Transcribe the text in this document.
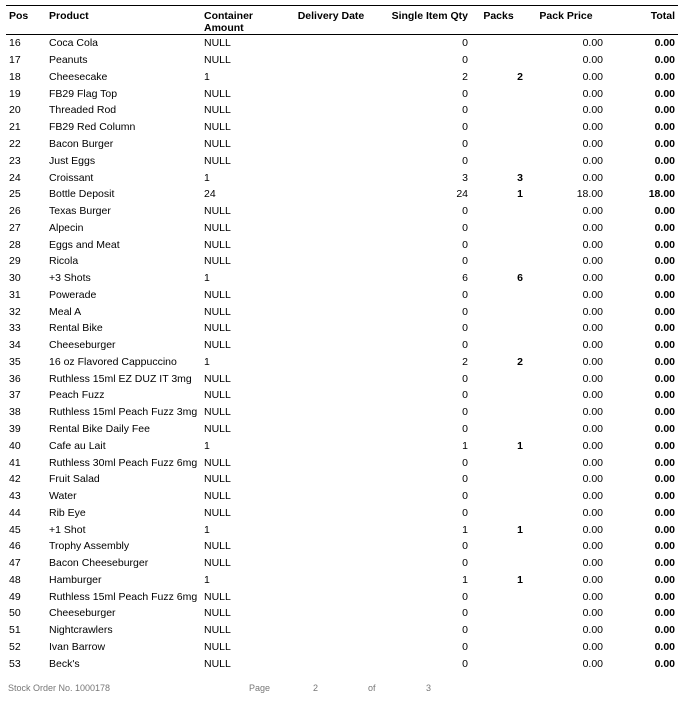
Pos	Product	Container Amount	Delivery Date	Single Item Qty	Packs	Pack Price	Total
16	Coca Cola	NULL		0		0.00	0.00
17	Peanuts	NULL		0		0.00	0.00
18	Cheesecake	1		2	2	0.00	0.00
19	FB29 Flag Top	NULL		0		0.00	0.00
20	Threaded Rod	NULL		0		0.00	0.00
21	FB29 Red Column	NULL		0		0.00	0.00
22	Bacon Burger	NULL		0		0.00	0.00
23	Just Eggs	NULL		0		0.00	0.00
24	Croissant	1		3	3	0.00	0.00
25	Bottle Deposit	24		24	1	18.00	18.00
26	Texas Burger	NULL		0		0.00	0.00
27	Alpecin	NULL		0		0.00	0.00
28	Eggs and Meat	NULL		0		0.00	0.00
29	Ricola	NULL		0		0.00	0.00
30	+3 Shots	1		6	6	0.00	0.00
31	Powerade	NULL		0		0.00	0.00
32	Meal A	NULL		0		0.00	0.00
33	Rental Bike	NULL		0		0.00	0.00
34	Cheeseburger	NULL		0		0.00	0.00
35	16 oz Flavored Cappuccino	1		2	2	0.00	0.00
36	Ruthless 15ml EZ DUZ IT 3mg	NULL		0		0.00	0.00
37	Peach Fuzz	NULL		0		0.00	0.00
38	Ruthless 15ml Peach Fuzz 3mg	NULL		0		0.00	0.00
39	Rental Bike Daily Fee	NULL		0		0.00	0.00
40	Cafe au Lait	1		1	1	0.00	0.00
41	Ruthless 30ml Peach Fuzz 6mg	NULL		0		0.00	0.00
42	Fruit Salad	NULL		0		0.00	0.00
43	Water	NULL		0		0.00	0.00
44	Rib Eye	NULL		0		0.00	0.00
45	+1 Shot	1		1	1	0.00	0.00
46	Trophy Assembly	NULL		0		0.00	0.00
47	Bacon Cheeseburger	NULL		0		0.00	0.00
48	Hamburger	1		1	1	0.00	0.00
49	Ruthless 15ml Peach Fuzz 6mg	NULL		0		0.00	0.00
50	Cheeseburger	NULL		0		0.00	0.00
51	Nightcrawlers	NULL		0		0.00	0.00
52	Ivan Barrow	NULL		0		0.00	0.00
53	Beck's	NULL		0		0.00	0.00
Stock Order No. 1000178	Page	2	of	3
